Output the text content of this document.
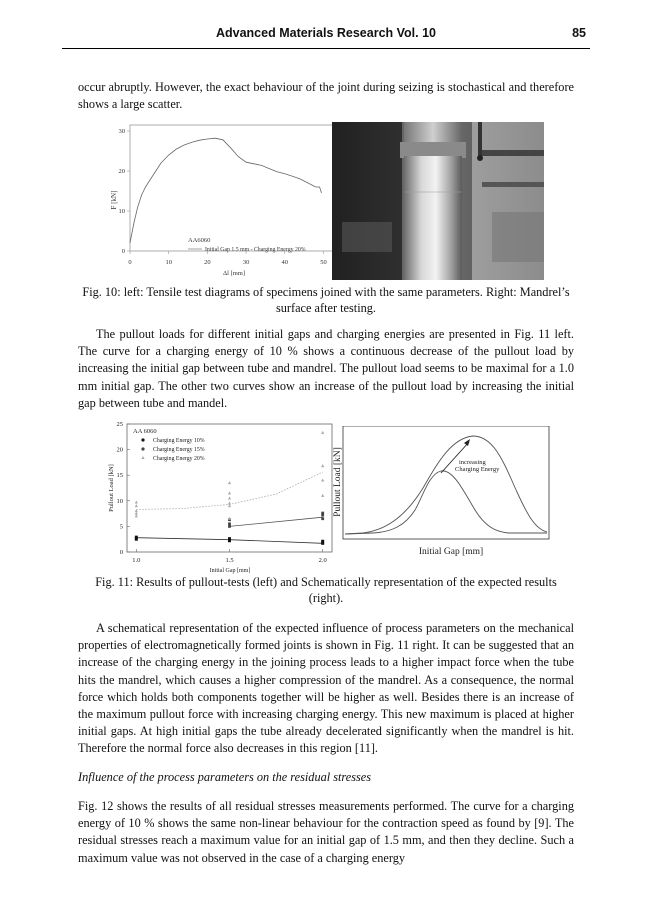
Advanced Materials Research Vol. 10	85

occur abruptly. However, the exact behaviour of the joint during seizing is stochastical and therefore shows a large scatter.

0	10	20	30	40	50
0
10
20
30
F [kN]
Δl [mm]
AA6060
Initial Gap 1.5 mm - Charging Energy 20%

Fig. 10: left: Tensile test diagrams of specimens joined with the same parameters. Right: Mandrel’s surface after testing.

The pullout loads for different initial gaps and charging energies are presented in Fig. 11 left. The curve for a charging energy of 10 % shows a continuous decrease of the pullout load by increasing the initial gap between tube and mandrel. The pullout load seems to be maximal for a 1.0 mm initial gap. The other two curves show an increase of the pullout load by increasing the initial gap between tube and mandel.

1.0	1.5	2.0
0
5
10
15
20
25
Pullout Load [kN]
Initial Gap [mm]
AA 6060
Charging Energy 10%
Charging Energy 15%
Charging Energy 20%	increasing
Charging Energy
Pullout Load [kN]
Initial Gap [mm]

Fig. 11: Results of pullout-tests (left) and Schematically representation of the expected results (right).

A schematical representation of the expected influence of process parameters on the mechanical properties of electromagnetically formed joints is shown in Fig. 11 right. It can be suggested that an increase of the charging energy in the joining process leads to a higher impact force when the tube hits the mandrel, which causes a higher compression of the mandrel. As a consequence, the normal force which holds both components together will be higher as well. Besides there is an increase of the maximum pullout force with increasing charging energy. This new maximum is placed at higher initial gaps. At high initial gaps the tube already decelerated significantly when the mandrel is hit. Therefore the normal force also decreases in this region [11].

Influence of the process parameters on the residual stresses

Fig. 12 shows the results of all residual stresses measurements performed. The curve for a charging energy of 10 % shows the same non-linear behaviour for the contraction speed as found by [9]. The residual stresses reach a maximum value for an initial gap of 1.5 mm, and then they decline. Such a maximum value was not observed in the case of a charging energy
